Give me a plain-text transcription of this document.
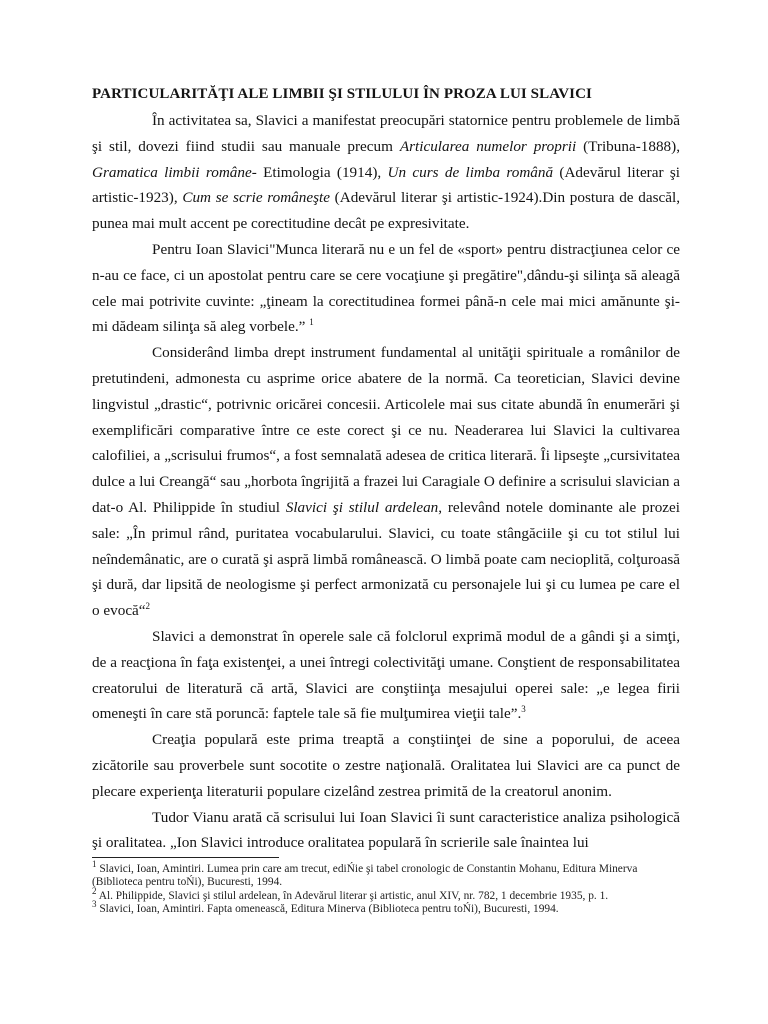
PARTICULARITĂŢI ALE LIMBII ŞI STILULUI ÎN PROZA LUI SLAVICI

În activitatea sa, Slavici a manifestat preocupări statornice pentru problemele de limbă şi stil, dovezi fiind studii sau manuale precum Articularea numelor proprii (Tribuna-1888), Gramatica limbii române- Etimologia (1914), Un curs de limba română (Adevărul literar şi artistic-1923), Cum se scrie româneşte (Adevărul literar şi artistic-1924).Din postura de dascăl, punea mai mult accent pe corectitudine decât pe expresivitate.

Pentru Ioan Slavici"Munca literară nu e un fel de «sport» pentru distracţiunea celor ce n-au ce face, ci un apostolat pentru care se cere vocaţiune şi pregătire",dându-şi silinţa să aleagă cele mai potrivite cuvinte: „ţineam la corectitudinea formei până-n cele mai mici amănunte şi-mi dădeam silinţa să aleg vorbele.” $^1$

Considerând limba drept instrument fundamental al unităţii spirituale a românilor de pretutindeni, admonesta cu asprime orice abatere de la normă. Ca teoretician, Slavici devine lingvistul „drastic“, potrivnic oricărei concesii. Articolele mai sus citate abundă în enumerări şi exemplificări comparative între ce este corect şi ce nu. Neaderarea lui Slavici la cultivarea calofiliei, a „scrisului frumos“, a fost semnalată adesea de critica literară. Îi lipseşte „cursivitatea dulce a lui Creangă“ sau „horbota îngrijită a frazei lui Caragiale O definire a scrisului slavician a dat-o Al. Philippide în studiul Slavici şi stilul ardelean, relevând notele dominante ale prozei sale: „În primul rând, puritatea vocabularului. Slavici, cu toate stângăciile şi cu tot stilul lui neîndemânatic, are o curată şi aspră limbă românească. O limbă poate cam necioplită, colţuroasă şi dură, dar lipsită de neologisme şi perfect armonizată cu personajele lui şi cu lumea pe care el o evocă“$^2$

Slavici a demonstrat în operele sale că folclorul exprimă modul de a gândi şi a simţi, de a reacţiona în faţa existenţei, a unei întregi colectivităţi umane. Conştient de responsabilitatea creatorului de literatură că artă, Slavici are conştiinţa mesajului operei sale: „e legea firii omeneşti în care stă poruncă: faptele tale să fie mulţumirea vieţii tale”.$^3$

Creaţia populară este prima treaptă a conştiinţei de sine a poporului, de aceea zicătorile sau proverbele sunt socotite o zestre naţională. Oralitatea lui Slavici are ca punct de plecare experienţa literaturii populare cizelând zestrea primită de la creatorul anonim.

Tudor Vianu arată că scrisului lui Ioan Slavici îi sunt caracteristice analiza psihologică şi oralitatea. „Ion Slavici introduce oralitatea populară în scrierile sale înaintea lui

$^1$ Slavici, Ioan, Amintiri. Lumea prin care am trecut, ediŃie şi tabel cronologic de Constantin Mohanu, Editura Minerva (Biblioteca pentru toŃi), Bucuresti, 1994.

$^2$ Al. Philippide, Slavici şi stilul ardelean, în Adevărul literar şi artistic, anul XIV, nr. 782, 1 decembrie 1935, p. 1.

$^3$ Slavici, Ioan, Amintiri. Fapta omenească, Editura Minerva (Biblioteca pentru toŃi), Bucuresti, 1994.
